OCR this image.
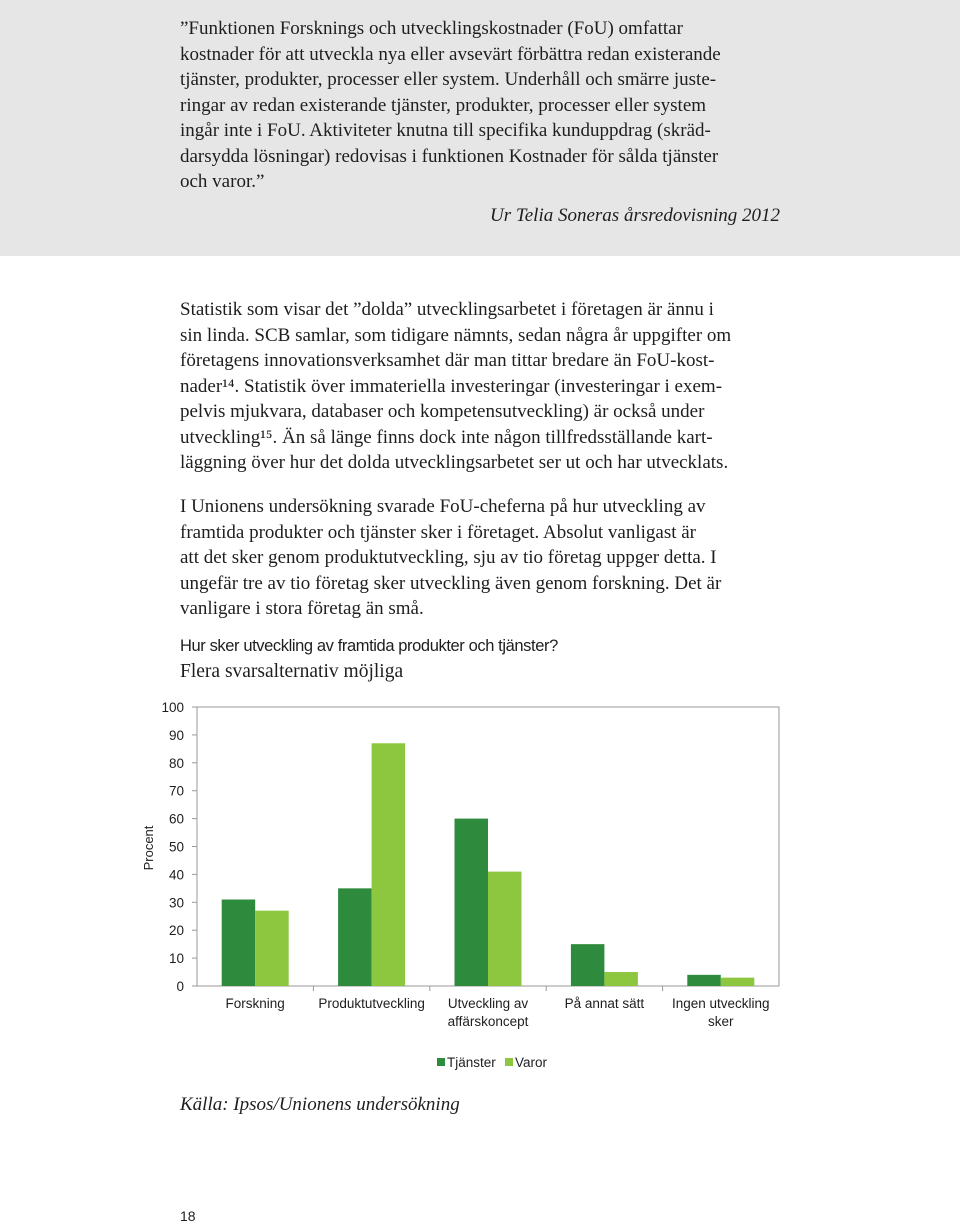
”Funktionen Forsknings och utvecklingskostnader (FoU) omfattar
kostnader för att utveckla nya eller avsevärt förbättra redan existerande
tjänster, produkter, processer eller system. Underhåll och smärre juste-
ringar av redan existerande tjänster, produkter, processer eller system
ingår inte i FoU. Aktiviteter knutna till specifika kunduppdrag (skräd-
darsydda lösningar) redovisas i funktionen Kostnader för sålda tjänster
och varor.”
Ur Telia Soneras årsredovisning 2012
Statistik som visar det ”dolda” utvecklingsarbetet i företagen är ännu i
sin linda. SCB samlar, som tidigare nämnts, sedan några år uppgifter om
företagens innovationsverksamhet där man tittar bredare än FoU-kost-
nader¹⁴. Statistik över immateriella investeringar (investeringar i exem-
pelvis mjukvara, databaser och kompetensutveckling) är också under
utveckling¹⁵. Än så länge finns dock inte någon tillfredsställande kart-
läggning över hur det dolda utvecklingsarbetet ser ut och har utvecklats.
I Unionens undersökning svarade FoU-cheferna på hur utveckling av
framtida produkter och tjänster sker i företaget. Absolut vanligast är
att det sker genom produktutveckling, sju av tio företag uppger detta. I
ungefär tre av tio företag sker utveckling även genom forskning. Det är
vanligare i stora företag än små.
Hur sker utveckling av framtida produkter och tjänster?
Flera svarsalternativ möjliga
0
10
20
30
40
50
60
70
80
90
100
Procent
Forskning Produktutveckling Utveckling av
affärskoncept
På annat sätt Ingen utveckling
sker
Tjänster Varor
Källa: Ipsos/Unionens undersökning
18
